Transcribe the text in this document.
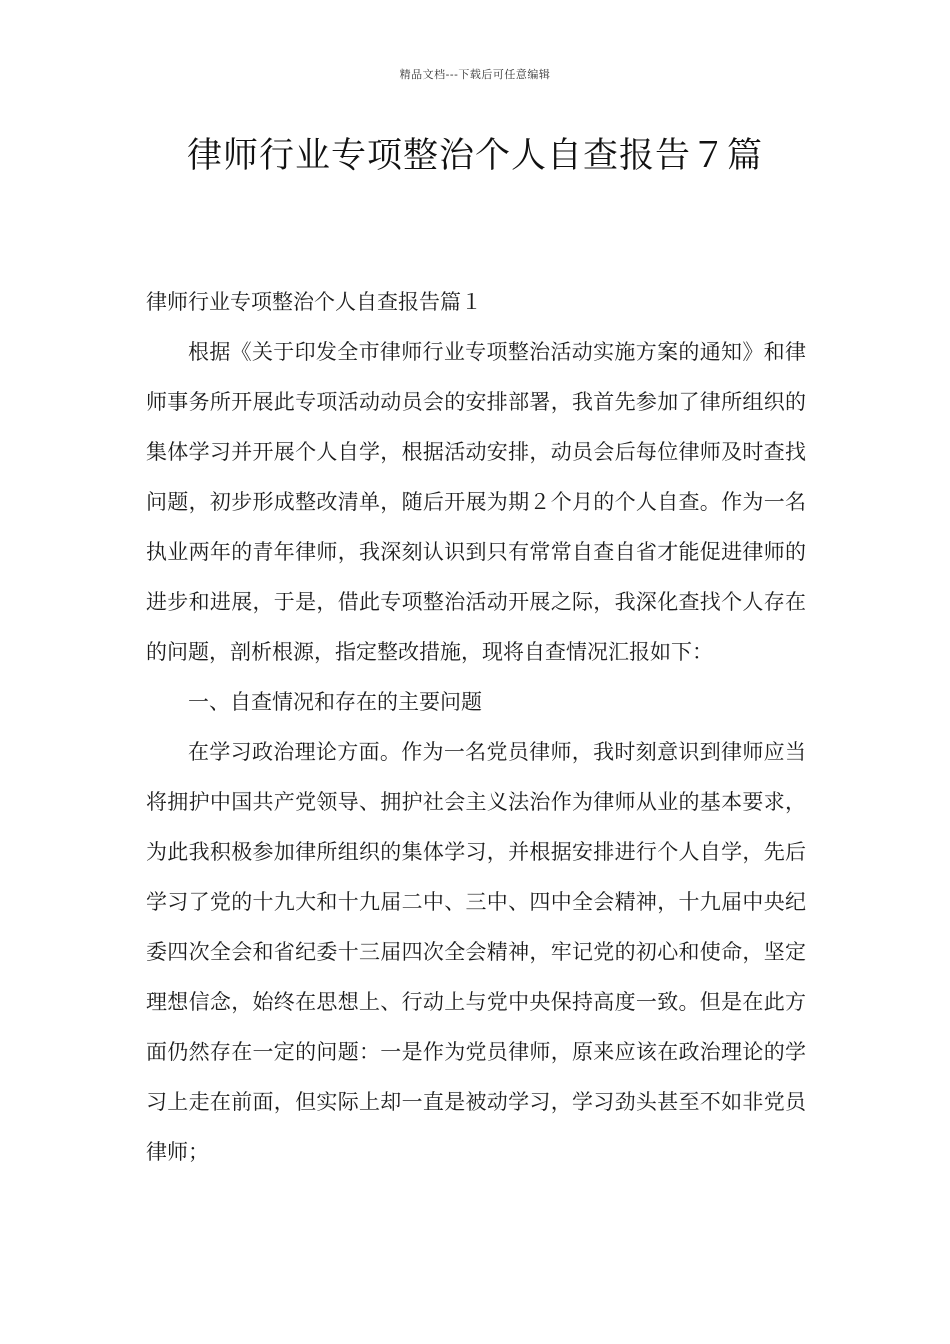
精品文档---下载后可任意编辑
律师行业专项整治个人自查报告７篇

律师行业专项整治个人自查报告篇１

根据《关于印发全市律师行业专项整治活动实施方案的通知》和律师事务所开展此专项活动动员会的安排部署，我首先参加了律所组织的集体学习并开展个人自学，根据活动安排，动员会后每位律师及时查找问题，初步形成整改清单，随后开展为期２个月的个人自查。作为一名执业两年的青年律师，我深刻认识到只有常常自查自省才能促进律师的进步和进展，于是，借此专项整治活动开展之际，我深化查找个人存在的问题，剖析根源，指定整改措施，现将自查情况汇报如下：

一、自查情况和存在的主要问题

在学习政治理论方面。作为一名党员律师，我时刻意识到律师应当将拥护中国共产党领导、拥护社会主义法治作为律师从业的基本要求，为此我积极参加律所组织的集体学习，并根据安排进行个人自学，先后学习了党的十九大和十九届二中、三中、四中全会精神，十九届中央纪委四次全会和省纪委十三届四次全会精神，牢记党的初心和使命，坚定理想信念，始终在思想上、行动上与党中央保持高度一致。但是在此方面仍然存在一定的问题：一是作为党员律师，原来应该在政治理论的学习上走在前面，但实际上却一直是被动学习，学习劲头甚至不如非党员律师；
